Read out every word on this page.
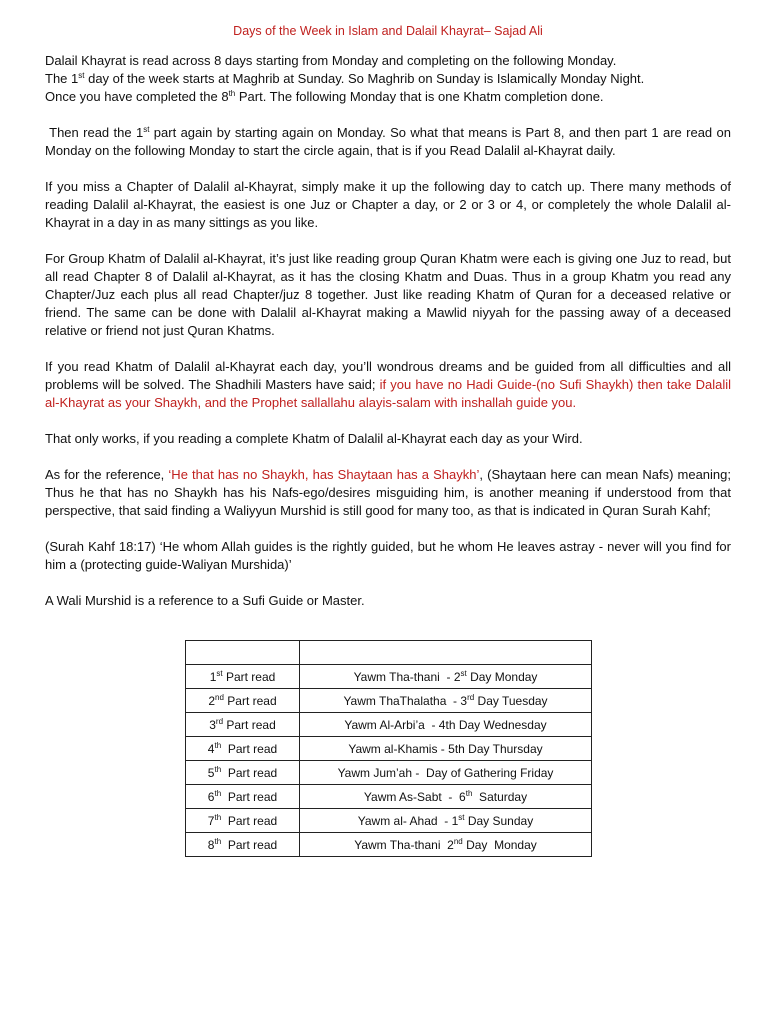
Days of the Week in Islam and Dalail Khayrat– Sajad Ali

Dalail Khayrat is read across 8 days starting from Monday and completing on the following Monday.
The 1st day of the week starts at Maghrib at Sunday. So Maghrib on Sunday is Islamically Monday Night.
Once you have completed the 8th Part. The following Monday that is one Khatm completion done.

Then read the 1st part again by starting again on Monday. So what that means is Part 8, and then part 1 are read on Monday on the following Monday to start the circle again, that is if you Read Dalalil al-Khayrat daily.

If you miss a Chapter of Dalalil al-Khayrat, simply make it up the following day to catch up. There many methods of reading Dalalil al-Khayrat, the easiest is one Juz or Chapter a day, or 2 or 3 or 4, or completely the whole Dalalil al-Khayrat in a day in as many sittings as you like.

For Group Khatm of Dalalil al-Khayrat, it’s just like reading group Quran Khatm were each is giving one Juz to read, but all read Chapter 8 of Dalalil al-Khayrat, as it has the closing Khatm and Duas. Thus in a group Khatm you read any Chapter/Juz each plus all read Chapter/juz 8 together. Just like reading Khatm of Quran for a deceased relative or friend. The same can be done with Dalalil al-Khayrat making a Mawlid niyyah for the passing away of a deceased relative or friend not just Quran Khatms.

If you read Khatm of Dalalil al-Khayrat each day, you’ll wondrous dreams and be guided from all difficulties and all problems will be solved. The Shadhili Masters have said; if you have no Hadi Guide-(no Sufi Shaykh) then take Dalalil al-Khayrat as your Shaykh, and the Prophet sallallahu alayis-salam with inshallah guide you.

That only works, if you reading a complete Khatm of Dalalil al-Khayrat each day as your Wird.

As for the reference, ‘He that has no Shaykh, has Shaytaan has a Shaykh’, (Shaytaan here can mean Nafs) meaning; Thus he that has no Shaykh has his Nafs-ego/desires misguiding him, is another meaning if understood from that perspective, that said finding a Waliyyun Murshid is still good for many too, as that is indicated in Quran Surah Kahf;

(Surah Kahf 18:17) ‘He whom Allah guides is the rightly guided, but he whom He leaves astray - never will you find for him a (protecting guide-Waliyan Murshida)’

A Wali Murshid is a reference to a Sufi Guide or Master.

1st Part read	Yawm Tha-thani  - 2st Day Monday
2nd Part read	Yawm ThaThalatha  - 3rd Day Tuesday
3rd Part read	Yawm Al-Arbi’a  - 4th Day Wednesday
4th  Part read	Yawm al-Khamis - 5th Day Thursday
5th  Part read	Yawm Jum’ah -  Day of Gathering Friday
6th  Part read	Yawm As-Sabt  -  6th  Saturday
7th  Part read	Yawm al- Ahad  - 1st Day Sunday
8th  Part read	Yawm Tha-thani  2nd Day  Monday
